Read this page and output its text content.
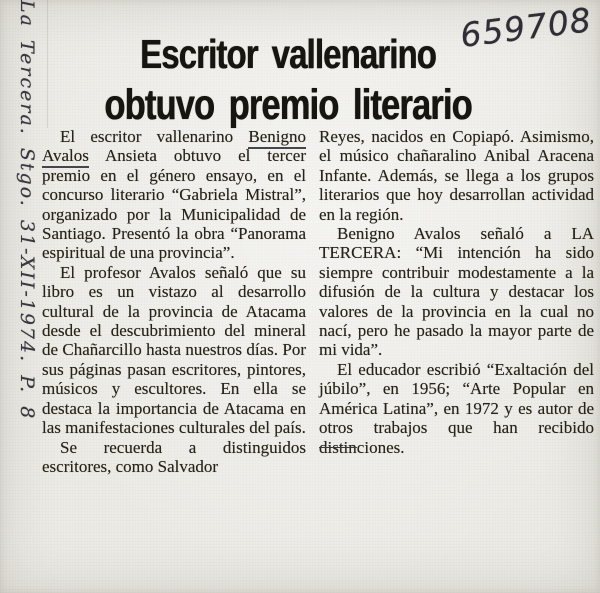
La Tercera. Stgo. 31-XII-1974. P. 8	Escritor vallenarino
obtuvo premio literario
659708

El escritor vallenarino Benigno Avalos Ansieta obtuvo el tercer premio en el género ensayo, en el concurso literario “Gabriela Mistral”, organizado por la Municipalidad de Santiago. Presentó la obra “Panorama espiritual de una provincia”.

El profesor Avalos señaló que su libro es un vistazo al desarrollo cultural de la provincia de Atacama desde el descubrimiento del mineral de Chañarcillo hasta nuestros días. Por sus páginas pasan escritores, pintores, músicos y escultores. En ella se destaca la importancia de Atacama en las manifestaciones culturales del país.

Se recuerda a distinguidos escritores, como Salvador

Reyes, nacidos en Copiapó. Asimismo, el músico chañaralino Anibal Aracena Infante. Además, se llega a los grupos literarios que hoy desarrollan actividad en la región.

Benigno Avalos señaló a LA TERCERA: “Mi intención ha sido siempre contribuir modestamente a la difusión de la cultura y destacar los valores de la provincia en la cual no nací, pero he pasado la mayor parte de mi vida”.

El educador escribió “Exaltación del júbilo”, en 1956; “Arte Popular en América Latina”, en 1972 y es autor de otros trabajos que han recibido distinciones.
